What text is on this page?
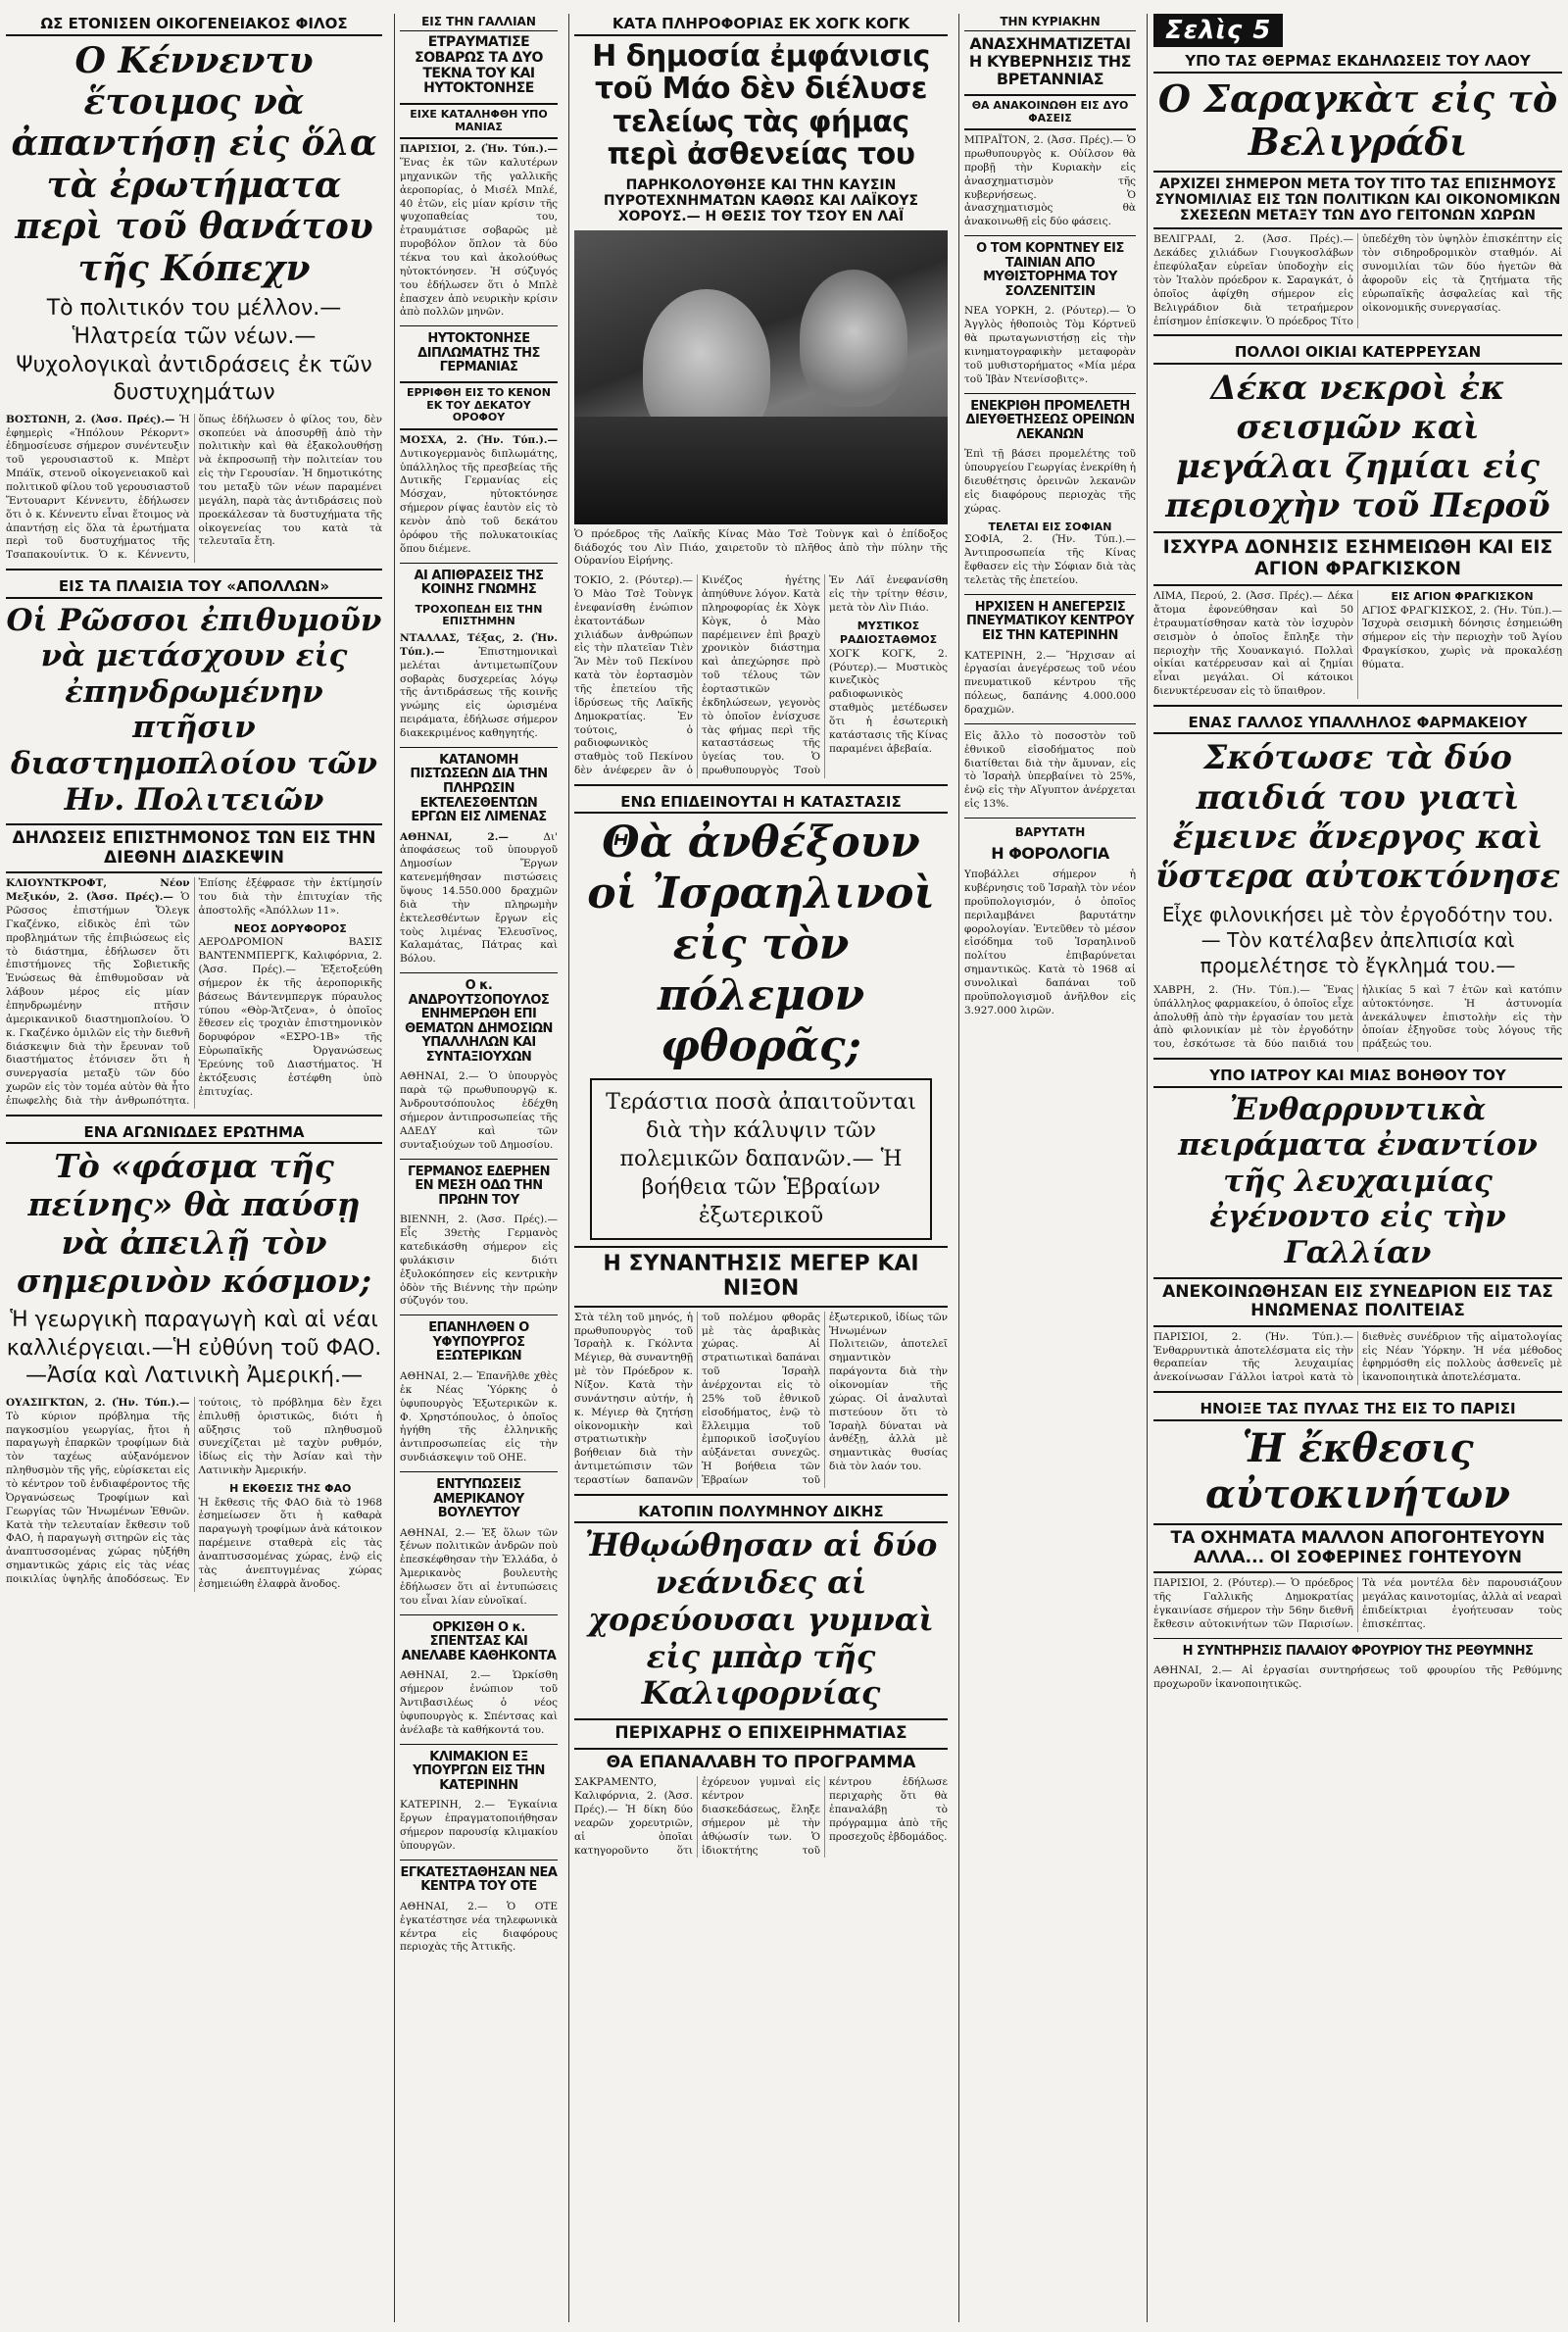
ΩΣ ΕΤΟΝΙΣΕΝ ΟΙΚΟΓΕΝΕΙΑΚΟΣ ΦΙΛΟΣ
Ο Κέννεντυ ἕτοιμος νὰ ἀπαντήσῃ εἰς ὅλα τὰ ἐρωτήματα περὶ τοῦ θανάτου τῆς Κόπεχν
Τὸ πολιτικόν του μέλλον.— Ἡλατρεία τῶν νέων.—Ψυχολογικαὶ ἀντιδράσεις ἐκ τῶν δυστυχημάτων
ΒΟΣΤΩΝΗ, 2. (Ἀσσ. Πρές).— Ἡ ἐφημερὶς «Ἡπόλουν Ρέκορντ» ἐδημοσίευσε σήμερον συνέντευξιν τοῦ γερουσιαστοῦ κ. Μπὲρτ Μπάϊκ, στενοῦ οἰκογενειακοῦ καὶ πολιτικοῦ φίλου τοῦ γερουσιαστοῦ Ἔντουαρντ Κέννεντυ, ἐδήλωσεν ὅτι ὁ κ. Κέννεντυ εἶναι ἕτοιμος νὰ ἀπαντήσῃ εἰς ὅλα τὰ ἐρωτήματα περὶ τοῦ δυστυχήματος τῆς Τσαπακουίντικ. Ὁ κ. Κέννεντυ, ὅπως ἐδήλωσεν ὁ φίλος του, δὲν σκοπεύει νὰ ἀποσυρθῇ ἀπὸ τὴν πολιτικὴν καὶ θὰ ἐξακολουθήσῃ νὰ ἐκπροσωπῇ τὴν πολιτείαν του εἰς τὴν Γερουσίαν. Ἡ δημοτικότης του μεταξὺ τῶν νέων παραμένει μεγάλη, παρὰ τὰς ἀντιδράσεις ποὺ προεκάλεσαν τὰ δυστυχήματα τῆς οἰκογενείας του κατὰ τὰ τελευταῖα ἔτη.
ΕΙΣ ΤΑ ΠΛΑΙΣΙΑ ΤΟΥ «ΑΠΟΛΛΩΝ»
Οἱ Ρῶσσοι ἐπιθυμοῦν νὰ μετάσχουν εἰς ἐπηνδρωμένην πτῆσιν διαστημοπλοίου τῶν Ην. Πολιτειῶν
ΔΗΛΩΣΕΙΣ ΕΠΙΣΤΗΜΟΝΟΣ ΤΩΝ ΕΙΣ ΤΗΝ ΔΙΕΘΝΗ ΔΙΑΣΚΕΨΙΝ
ΚΛΙΟΥΝΤΚΡΟΦΤ, Νέον Μεξικόν, 2. (Ἀσσ. Πρές).— Ὁ Ρῶσσος ἐπιστήμων Ὄλεγκ Γκαζένκο, εἰδικὸς ἐπὶ τῶν προβλημάτων τῆς ἐπιβιώσεως εἰς τὸ διάστημα, ἐδήλωσεν ὅτι ἐπιστήμονες τῆς Σοβιετικῆς Ἑνώσεως θὰ ἐπιθυμοῦσαν νὰ λάβουν μέρος εἰς μίαν ἐπηνδρωμένην πτῆσιν ἀμερικανικοῦ διαστημοπλοίου. Ὁ κ. Γκαζένκο ὁμιλῶν εἰς τὴν διεθνῆ διάσκεψιν διὰ τὴν ἔρευναν τοῦ διαστήματος ἐτόνισεν ὅτι ἡ συνεργασία μεταξὺ τῶν δύο χωρῶν εἰς τὸν τομέα αὐτὸν θὰ ἦτο ἐπωφελὴς διὰ τὴν ἀνθρωπότητα. Ἐπίσης ἐξέφρασε τὴν ἐκτίμησίν του διὰ τὴν ἐπιτυχίαν τῆς ἀποστολῆς «Ἀπόλλων 11».
ΝΕΟΣ ΔΟΡΥΦΟΡΟΣ
ΑΕΡΟΔΡΟΜΙΟΝ ΒΑΣΙΣ ΒΑΝΤΕΝΜΠΕΡΓΚ, Καλιφόρνια, 2. (Ἀσσ. Πρές).— Ἐξετοξεύθη σήμερον ἐκ τῆς ἀεροπορικῆς βάσεως Βάντενμπεργκ πύραυλος τύπου «Θὸρ-Ἄτζενα», ὁ ὁποῖος ἔθεσεν εἰς τροχιὰν ἐπιστημονικὸν δορυφόρον «ΕΣΡΟ-1Β» τῆς Εὐρωπαϊκῆς Ὀργανώσεως Ἐρεύνης τοῦ Διαστήματος. Ἡ ἐκτόξευσις ἐστέφθη ὑπὸ ἐπιτυχίας.
ΕΝΑ ΑΓΩΝΙΩΔΕΣ ΕΡΩΤΗΜΑ
Τὸ «φάσμα τῆς πείνης» θὰ παύσῃ νὰ ἀπειλῇ τὸν σημερινὸν κόσμον;
Ἡ γεωργικὴ παραγωγὴ καὶ αἱ νέαι καλλιέργειαι.—Ἡ εὐθύνη τοῦ ΦΑΟ.—Ἀσία καὶ Λατινικὴ Ἀμερική.—
ΟΥΑΣΙΓΚΤΩΝ, 2. (Ἡν. Τύπ.).— Τὸ κύριον πρόβλημα τῆς παγκοσμίου γεωργίας, ἤτοι ἡ παραγωγὴ ἐπαρκῶν τροφίμων διὰ τὸν ταχέως αὐξανόμενον πληθυσμὸν τῆς γῆς, εὑρίσκεται εἰς τὸ κέντρον τοῦ ἐνδιαφέροντος τῆς Ὀργανώσεως Τροφίμων καὶ Γεωργίας τῶν Ἡνωμένων Ἐθνῶν. Κατὰ τὴν τελευταίαν ἔκθεσιν τοῦ ΦΑΟ, ἡ παραγωγὴ σιτηρῶν εἰς τὰς ἀναπτυσσομένας χώρας ηὐξήθη σημαντικῶς χάρις εἰς τὰς νέας ποικιλίας ὑψηλῆς ἀποδόσεως. Ἐν τούτοις, τὸ πρόβλημα δὲν ἔχει ἐπιλυθῇ ὁριστικῶς, διότι ἡ αὔξησις τοῦ πληθυσμοῦ συνεχίζεται μὲ ταχὺν ρυθμόν, ἰδίως εἰς τὴν Ἀσίαν καὶ τὴν Λατινικὴν Ἀμερικήν.
Η ΕΚΘΕΣΙΣ ΤΗΣ ΦΑΟ
Ἡ ἔκθεσις τῆς ΦΑΟ διὰ τὸ 1968 ἐσημείωσεν ὅτι ἡ καθαρὰ παραγωγὴ τροφίμων ἀνὰ κάτοικον παρέμεινε σταθερὰ εἰς τὰς ἀναπτυσσομένας χώρας, ἐνῷ εἰς τὰς ἀνεπτυγμένας χώρας ἐσημειώθη ἐλαφρὰ ἄνοδος.
ΕΙΣ ΤΗΝ ΓΑΛΛΙΑΝ
ΕΤΡΑΥΜΑΤΙΣΕ ΣΟΒΑΡΩΣ ΤΑ ΔΥΟ ΤΕΚΝΑ ΤΟΥ ΚΑΙ ΗΥΤΟΚΤΟΝΗΣΕ
ΕΙΧΕ ΚΑΤΑΛΗΦΘΗ ΥΠΟ ΜΑΝΙΑΣ
ΠΑΡΙΣΙΟΙ, 2. (Ἡν. Τύπ.).— Ἕνας ἐκ τῶν καλυτέρων μηχανικῶν τῆς γαλλικῆς ἀεροπορίας, ὁ Μισέλ Μπλέ, 40 ἐτῶν, εἰς μίαν κρίσιν τῆς ψυχοπαθείας του, ἐτραυμάτισε σοβαρῶς μὲ πυροβόλον ὅπλον τὰ δύο τέκνα του καὶ ἀκολούθως ηὐτοκτόνησεν. Ἡ σύζυγός του ἐδήλωσεν ὅτι ὁ Μπλὲ ἐπασχεν ἀπὸ νευρικὴν κρίσιν ἀπὸ πολλῶν μηνῶν.
ΗΥΤΟΚΤΟΝΗΣΕ ΔΙΠΛΩΜΑΤΗΣ ΤΗΣ ΓΕΡΜΑΝΙΑΣ
ΕΡΡΙΦΘΗ ΕΙΣ ΤΟ ΚΕΝΟΝ ΕΚ ΤΟΥ ΔΕΚΑΤΟΥ ΟΡΟΦΟΥ
ΜΟΣΧΑ, 2. (Ἡν. Τύπ.).— Δυτικογερμανὸς διπλωμάτης, ὑπάλληλος τῆς πρεσβείας τῆς Δυτικῆς Γερμανίας εἰς Μόσχαν, ηὐτοκτόνησε σήμερον ρίψας ἑαυτὸν εἰς τὸ κενὸν ἀπὸ τοῦ δεκάτου ὀρόφου τῆς πολυκατοικίας ὅπου διέμενε.
ΑΙ ΑΠΙΘΡΑΣΕΙΣ ΤΗΣ ΚΟΙΝΗΣ ΓΝΩΜΗΣ
ΤΡΟΧΟΠΕΔΗ ΕΙΣ ΤΗΝ ΕΠΙΣΤΗΜΗΝ
ΝΤΑΛΛΑΣ, Τέξας, 2. (Ἡν. Τύπ.).—	Ἐπιστημονικαὶ μελέται ἀντιμετωπίζουν σοβαρὰς δυσχερείας λόγῳ τῆς ἀντιδράσεως τῆς κοινῆς γνώμης εἰς ὡρισμένα πειράματα, ἐδήλωσε σήμερον διακεκριμένος καθηγητής.
ΚΑΤΑΝΟΜΗ ΠΙΣΤΩΣΕΩΝ ΔΙΑ ΤΗΝ ΠΛΗΡΩΣΙΝ ΕΚΤΕΛΕΣΘΕΝΤΩΝ ΕΡΓΩΝ ΕΙΣ ΛΙΜΕΝΑΣ
ΑΘΗΝΑΙ, 2.—	Δι' ἀποφάσεως τοῦ ὑπουργοῦ Δημοσίων Ἔργων κατενεμήθησαν πιστώσεις ὕψους 14.550.000 δραχμῶν διὰ τὴν πληρωμὴν ἐκτελεσθέντων ἔργων εἰς τοὺς λιμένας Ἑλευσῖνος, Καλαμάτας, Πάτρας καὶ Βόλου.
Ο κ. ΑΝΔΡΟΥΤΣΟΠΟΥΛΟΣ ΕΝΗΜΕΡΩΘΗ ΕΠΙ ΘΕΜΑΤΩΝ ΔΗΜΟΣΙΩΝ ΥΠΑΛΛΗΛΩΝ ΚΑΙ ΣΥΝΤΑΞΙΟΥΧΩΝ
ΑΘΗΝΑΙ, 2.— Ὁ ὑπουργὸς παρὰ τῷ πρωθυπουργῷ κ. Ἀνδρουτσόπουλος ἐδέχθη σήμερον ἀντιπροσωπείας τῆς ΑΔΕΔΥ καὶ τῶν συνταξιούχων τοῦ Δημοσίου.
ΓΕΡΜΑΝΟΣ ΕΔΕΡΗΕΝ ΕΝ ΜΕΣΗ ΟΔΩ ΤΗΝ ΠΡΩΗΝ ΤΟΥ
ΒΙΕΝΝΗ, 2. (Ἀσσ. Πρές).— Εἷς 39ετὴς Γερμανὸς κατεδικάσθη σήμερον εἰς φυλάκισιν διότι ἐξυλοκόπησεν εἰς κεντρικὴν ὁδὸν τῆς Βιέννης τὴν πρώην σύζυγόν του.
ΕΠΑΝΗΛΘΕΝ Ο ΥΦΥΠΟΥΡΓΟΣ ΕΞΩΤΕΡΙΚΩΝ
ΑΘΗΝΑΙ, 2.— Ἐπανῆλθε χθὲς ἐκ Νέας Ὑόρκης ὁ ὑφυπουργὸς Ἐξωτερικῶν κ. Φ. Χρηστόπουλος, ὁ ὁποῖος ἡγήθη τῆς ἑλληνικῆς ἀντιπροσωπείας εἰς τὴν συνδιάσκεψιν τοῦ ΟΗΕ.
ΕΝΤΥΠΩΣΕΙΣ ΑΜΕΡΙΚΑΝΟΥ ΒΟΥΛΕΥΤΟΥ
ΑΘΗΝΑΙ, 2.— Ἐξ ὅλων τῶν ξένων πολιτικῶν ἀνδρῶν ποὺ ἐπεσκέφθησαν τὴν Ἑλλάδα, ὁ Ἀμερικανὸς βουλευτὴς ἐδήλωσεν ὅτι αἱ ἐντυπώσεις του εἶναι λίαν εὐνοϊκαί.
ΟΡΚΙΣΘΗ Ο κ. ΣΠΕΝΤΣΑΣ ΚΑΙ ΑΝΕΛΑΒΕ ΚΑΘΗΚΟΝΤΑ
ΑΘΗΝΑΙ, 2.— Ὡρκίσθη σήμερον ἐνώπιον τοῦ Ἀντιβασιλέως ὁ νέος ὑφυπουργὸς κ. Σπέντσας καὶ ἀνέλαβε τὰ καθήκοντά του.
ΚΛΙΜΑΚΙΟΝ ΕΞ ΥΠΟΥΡΓΩΝ ΕΙΣ ΤΗΝ ΚΑΤΕΡΙΝΗΝ
ΚΑΤΕΡΙΝΗ, 2.— Ἐγκαίνια ἔργων ἐπραγματοποιήθησαν σήμερον παρουσίᾳ κλιμακίου ὑπουργῶν.
ΕΓΚΑΤΕΣΤΑΘΗΣΑΝ ΝΕΑ ΚΕΝΤΡΑ ΤΟΥ ΟΤΕ
ΑΘΗΝΑΙ, 2.— Ὁ ΟΤΕ ἐγκατέστησε νέα τηλεφωνικὰ κέντρα εἰς διαφόρους περιοχὰς τῆς Ἀττικῆς.
ΚΑΤΑ ΠΛΗΡΟΦΟΡΙΑΣ ΕΚ ΧΟΓΚ ΚΟΓΚ
Η δημοσία ἐμφάνισις τοῦ Μάο δὲν διέλυσε τελείως τὰς φήμας περὶ ἀσθενείας του
ΠΑΡΗΚΟΛΟΥΘΗΣΕ ΚΑΙ ΤΗΝ ΚΑΥΣΙΝ ΠΥΡΟΤΕΧΝΗΜΑΤΩΝ ΚΑΘΩΣ ΚΑΙ ΛΑΪΚΟΥΣ ΧΟΡΟΥΣ.— Η ΘΕΣΙΣ ΤΟΥ ΤΣΟΥ ΕΝ ΛΑΪ
Ὁ πρόεδρος τῆς Λαϊκῆς Κίνας Μὰο Τσὲ Τοὺνγκ καὶ ὁ ἐπίδοξος διάδοχός του Λὶν Πιάο, χαιρετοῦν τὸ πλῆθος ἀπὸ τὴν πύλην τῆς Οὐρανίου Εἰρήνης.
ΤΟΚΙΟ, 2. (Ρόυτερ).— Ὁ Μὰο Τσὲ Τοὺνγκ ἐνεφανίσθη ἐνώπιον ἑκατοντάδων χιλιάδων ἀνθρώπων εἰς τὴν πλατεῖαν Τιὲν Ἂν Μὲν τοῦ Πεκίνου κατὰ τὸν ἑορτασμὸν τῆς ἐπετείου τῆς ἱδρύσεως τῆς Λαϊκῆς Δημοκρατίας. Ἐν τούτοις, ὁ ραδιοφωνικὸς σταθμὸς τοῦ Πεκίνου δὲν ἀνέφερεν ἂν ὁ Κινέζος ἡγέτης ἀπηύθυνε λόγον. Κατὰ πληροφορίας ἐκ Χὸγκ Κὸγκ, ὁ Μὰο παρέμεινεν ἐπὶ βραχὺ χρονικὸν διάστημα καὶ ἀπεχώρησε πρὸ τοῦ τέλους τῶν ἑορταστικῶν ἐκδηλώσεων, γεγονὸς τὸ ὁποῖον ἐνίσχυσε τὰς φήμας περὶ τῆς καταστάσεως τῆς ὑγείας του. Ὁ πρωθυπουργὸς Τσοὺ Ἐν Λάϊ ἐνεφανίσθη εἰς τὴν τρίτην θέσιν, μετὰ τὸν Λὶν Πιάο.
ΜΥΣΤΙΚΟΣ ΡΑΔΙΟΣΤΑΘΜΟΣ
ΧΟΓΚ ΚΟΓΚ, 2. (Ρόυτερ).— Μυστικὸς κινεζικὸς ραδιοφωνικὸς σταθμὸς μετέδωσεν ὅτι ἡ ἐσωτερικὴ κατάστασις τῆς Κίνας παραμένει ἀβεβαία.
ΕΝΩ ΕΠΙΔΕΙΝΟΥΤΑΙ Η ΚΑΤΑΣΤΑΣΙΣ
Θὰ ἀνθέξουν οἱ Ἰσραηλινοὶ εἰς τὸν πόλεμον φθορᾶς;
Τεράστια ποσὰ ἀπαιτοῦνται διὰ τὴν κάλυψιν τῶν πολεμικῶν δαπανῶν.— Ἡ βοήθεια τῶν Ἑβραίων ἐξωτερικοῦ
Η ΣΥΝΑΝΤΗΣΙΣ ΜΕΓΕΡ ΚΑΙ ΝΙΞΟΝ
Στὰ τέλη τοῦ μηνός, ἡ πρωθυπουργὸς τοῦ Ἰσραὴλ κ. Γκόλντα Μέγιερ, θὰ συναντηθῇ μὲ τὸν Πρόεδρον κ. Νίξον. Κατὰ τὴν συνάντησιν αὐτήν, ἡ κ. Μέγιερ θὰ ζητήσῃ οἰκονομικὴν καὶ στρατιωτικὴν βοήθειαν διὰ τὴν ἀντιμετώπισιν τῶν τεραστίων δαπανῶν τοῦ πολέμου φθορᾶς μὲ τὰς ἀραβικὰς χώρας. Αἱ στρατιωτικαὶ δαπάναι τοῦ Ἰσραὴλ ἀνέρχονται εἰς τὸ 25% τοῦ ἐθνικοῦ εἰσοδήματος, ἐνῷ τὸ ἔλλειμμα τοῦ ἐμπορικοῦ ἰσοζυγίου αὐξάνεται συνεχῶς. Ἡ βοήθεια τῶν Ἑβραίων τοῦ ἐξωτερικοῦ, ἰδίως τῶν Ἡνωμένων Πολιτειῶν, ἀποτελεῖ σημαντικὸν παράγοντα διὰ τὴν οἰκονομίαν τῆς χώρας. Οἱ ἀναλυταὶ πιστεύουν ὅτι τὸ Ἰσραὴλ δύναται νὰ ἀνθέξῃ, ἀλλὰ μὲ σημαντικὰς θυσίας διὰ τὸν λαόν του.
ΚΑΤΟΠΙΝ ΠΟΛΥΜΗΝΟΥ ΔΙΚΗΣ
Ἠθῳώθησαν αἱ δύο νεάνιδες αἱ χορεύουσαι γυμναὶ εἰς μπὰρ τῆς Καλιφορνίας
ΠΕΡΙΧΑΡΗΣ Ο ΕΠΙΧΕΙΡΗΜΑΤΙΑΣ
ΘΑ ΕΠΑΝΑΛΑΒΗ ΤΟ ΠΡΟΓΡΑΜΜΑ
ΣΑΚΡΑΜΕΝΤΟ, Καλιφόρνια, 2. (Ἀσσ. Πρές).— Ἡ δίκη δύο νεαρῶν χορευτριῶν, αἱ ὁποῖαι κατηγοροῦντο ὅτι ἐχόρευον γυμναὶ εἰς κέντρον διασκεδάσεως, ἔληξε σήμερον μὲ τὴν ἀθῴωσίν των. Ὁ ἰδιοκτήτης τοῦ κέντρου ἐδήλωσε περιχαρὴς ὅτι θὰ ἐπαναλάβῃ τὸ πρόγραμμα ἀπὸ τῆς προσεχοῦς ἑβδομάδος.
ΤΗΝ ΚΥΡΙΑΚΗΝ
ΑΝΑΣΧΗΜΑΤΙΖΕΤΑΙ Η ΚΥΒΕΡΝΗΣΙΣ ΤΗΣ ΒΡΕΤΑΝΝΙΑΣ
ΘΑ ΑΝΑΚΟΙΝΩΘΗ ΕΙΣ ΔΥΟ ΦΑΣΕΙΣ
ΜΠΡΑΪΤΟΝ, 2. (Ἀσσ. Πρές).— Ὁ πρωθυπουργὸς κ. Οὐίλσον θὰ προβῇ τὴν Κυριακὴν εἰς ἀνασχηματισμὸν τῆς κυβερνήσεως. Ὁ ἀνασχηματισμὸς θὰ ἀνακοινωθῇ εἰς δύο φάσεις.
Ο ΤΟΜ ΚΟΡΝΤΝΕΥ ΕΙΣ ΤΑΙΝΙΑΝ ΑΠΟ ΜΥΘΙΣΤΟΡΗΜΑ ΤΟΥ ΣΟΛΖΕΝΙΤΣΙΝ
ΝΕΑ ΥΟΡΚΗ, 2. (Ρόυτερ).— Ὁ Ἀγγλὸς ἠθοποιὸς Τὸμ Κόρτνεϋ θὰ πρωταγωνιστήσῃ εἰς τὴν κινηματογραφικὴν μεταφορὰν τοῦ μυθιστορήματος «Μία μέρα τοῦ Ἰβὰν Ντενίσοβιτς».
ΕΝΕΚΡΙΘΗ ΠΡΟΜΕΛΕΤΗ ΔΙΕΥΘΕΤΗΣΕΩΣ ΟΡΕΙΝΩΝ ΛΕΚΑΝΩΝ
Ἐπὶ τῇ βάσει προμελέτης τοῦ ὑπουργείου Γεωργίας ἐνεκρίθη ἡ διευθέτησις ὀρεινῶν λεκανῶν εἰς διαφόρους περιοχὰς τῆς χώρας.
ΤΕΛΕΤΑΙ ΕΙΣ ΣΟΦΙΑΝ
ΣΟΦΙΑ, 2. (Ἡν. Τύπ.).— Ἀντιπροσωπεία τῆς Κίνας ἔφθασεν εἰς τὴν Σόφιαν διὰ τὰς τελετὰς τῆς ἐπετείου.
ΗΡΧΙΣΕΝ Η ΑΝΕΓΕΡΣΙΣ ΠΝΕΥΜΑΤΙΚΟΥ ΚΕΝΤΡΟΥ ΕΙΣ ΤΗΝ ΚΑΤΕΡΙΝΗΝ
ΚΑΤΕΡΙΝΗ, 2.— Ἤρχισαν αἱ ἐργασίαι ἀνεγέρσεως τοῦ νέου πνευματικοῦ κέντρου τῆς πόλεως, δαπάνης 4.000.000 δραχμῶν.
Εἰς ἄλλο τὸ ποσοστὸν τοῦ ἐθνικοῦ εἰσοδήματος ποὺ διατίθεται διὰ τὴν ἄμυναν, εἰς τὸ Ἰσραὴλ ὑπερβαίνει τὸ 25%, ἐνῷ εἰς τὴν Αἴγυπτον ἀνέρχεται εἰς 13%.
ΒΑΡΥΤΑΤΗ
Η ΦΟΡΟΛΟΓΙΑ
Υποβάλλει σήμερον ἡ κυβέρνησις τοῦ Ἰσραὴλ τὸν νέον προϋπολογισμόν, ὁ ὁποῖος περιλαμβάνει βαρυτάτην φορολογίαν. Ἐντεῦθεν τὸ μέσον εἰσόδημα τοῦ Ἰσραηλινοῦ πολίτου ἐπιβαρύνεται σημαντικῶς. Κατὰ τὸ 1968 αἱ συνολικαὶ δαπάναι τοῦ προϋπολογισμοῦ ἀνῆλθον εἰς 3.927.000 λιρῶν.
Σελὶς 5
ΥΠΟ ΤΑΣ ΘΕΡΜΑΣ ΕΚΔΗΛΩΣΕΙΣ ΤΟΥ ΛΑΟΥ
Ο Σαραγκὰτ εἰς τὸ Βελιγράδι
ΑΡΧΙΖΕΙ ΣΗΜΕΡΟΝ ΜΕΤΑ ΤΟΥ ΤΙΤΟ ΤΑΣ ΕΠΙΣΗΜΟΥΣ ΣΥΝΟΜΙΛΙΑΣ ΕΙΣ ΤΩΝ ΠΟΛΙΤΙΚΩΝ ΚΑΙ ΟΙΚΟΝΟΜΙΚΩΝ ΣΧΕΣΕΩΝ ΜΕΤΑΞΥ ΤΩΝ ΔΥΟ ΓΕΙΤΟΝΩΝ ΧΩΡΩΝ
ΒΕΛΙΓΡΑΔΙ, 2. (Ἀσσ. Πρές).— Δεκάδες χιλιάδων Γιουγκοσλάβων ἐπεφύλαξαν εὐρεῖαν ὑποδοχὴν εἰς τὸν Ἰταλὸν πρόεδρον κ. Σαραγκάτ, ὁ ὁποῖος ἀφίχθη σήμερον εἰς Βελιγράδιον διὰ τετραήμερον ἐπίσημον ἐπίσκεψιν. Ὁ πρόεδρος Τίτο ὑπεδέχθη τὸν ὑψηλὸν ἐπισκέπτην εἰς τὸν σιδηροδρομικὸν σταθμόν. Αἱ συνομιλίαι τῶν δύο ἡγετῶν θὰ ἀφοροῦν εἰς τὰ ζητήματα τῆς εὐρωπαϊκῆς ἀσφαλείας καὶ τῆς οἰκονομικῆς συνεργασίας.
ΠΟΛΛΟΙ ΟΙΚΙΑΙ ΚΑΤΕΡΡΕΥΣΑΝ
Δέκα νεκροὶ ἐκ σεισμῶν καὶ μεγάλαι ζημίαι εἰς περιοχὴν τοῦ Περοῦ
ΙΣΧΥΡΑ ΔΟΝΗΣΙΣ ΕΣΗΜΕΙΩΘΗ ΚΑΙ ΕΙΣ ΑΓΙΟΝ ΦΡΑΓΚΙΣΚΟΝ
ΛΙΜΑ, Περού, 2. (Ἀσσ. Πρές).— Δέκα ἄτομα ἐφονεύθησαν καὶ 50 ἐτραυματίσθησαν κατὰ τὸν ἰσχυρὸν σεισμὸν ὁ ὁποῖος ἔπληξε τὴν περιοχὴν τῆς Χουανκαγιό. Πολλαὶ οἰκίαι κατέρρευσαν καὶ αἱ ζημίαι εἶναι μεγάλαι. Οἱ κάτοικοι διενυκτέρευσαν εἰς τὸ ὕπαιθρον.
ΕΙΣ ΑΓΙΟΝ ΦΡΑΓΚΙΣΚΟΝ
ΑΓΙΟΣ ΦΡΑΓΚΙΣΚΟΣ, 2. (Ἡν. Τύπ.).— Ἰσχυρὰ σεισμικὴ δόνησις ἐσημειώθη σήμερον εἰς τὴν περιοχὴν τοῦ Ἁγίου Φραγκίσκου, χωρὶς νὰ προκαλέσῃ θύματα.
ΕΝΑΣ ΓΑΛΛΟΣ ΥΠΑΛΛΗΛΟΣ ΦΑΡΜΑΚΕΙΟΥ
Σκότωσε τὰ δύο παιδιά του γιατὶ ἔμεινε ἄνεργος καὶ ὕστερα αὐτοκτόνησε
Εἶχε φιλονικήσει μὲ τὸν ἐργοδότην του.— Τὸν κατέλαβεν ἀπελπισία καὶ προμελέτησε τὸ ἔγκλημά του.—
ΧΑΒΡΗ, 2. (Ἡν. Τύπ.).— Ἕνας ὑπάλληλος φαρμακείου, ὁ ὁποῖος εἶχε ἀπολυθῇ ἀπὸ τὴν ἐργασίαν του μετὰ ἀπὸ φιλονικίαν μὲ τὸν ἐργοδότην του, ἐσκότωσε τὰ δύο παιδιά του ἡλικίας 5 καὶ 7 ἐτῶν καὶ κατόπιν αὐτοκτόνησε. Ἡ ἀστυνομία ἀνεκάλυψεν ἐπιστολὴν εἰς τὴν ὁποίαν ἐξηγοῦσε τοὺς λόγους τῆς πράξεώς του.
ΥΠΟ ΙΑΤΡΟΥ ΚΑΙ ΜΙΑΣ ΒΟΗΘΟΥ ΤΟΥ
Ἐνθαρρυντικὰ πειράματα ἐναντίον τῆς λευχαιμίας ἐγένοντο εἰς τὴν Γαλλίαν
ΑΝΕΚΟΙΝΩΘΗΣΑΝ ΕΙΣ ΣΥΝΕΔΡΙΟΝ ΕΙΣ ΤΑΣ ΗΝΩΜΕΝΑΣ ΠΟΛΙΤΕΙΑΣ
ΠΑΡΙΣΙΟΙ, 2. (Ἡν. Τύπ.).— Ἐνθαρρυντικὰ ἀποτελέσματα εἰς τὴν θεραπείαν τῆς λευχαιμίας ἀνεκοίνωσαν Γάλλοι ἰατροὶ κατὰ τὸ διεθνὲς συνέδριον τῆς αἱματολογίας εἰς Νέαν Ὑόρκην. Ἡ νέα μέθοδος ἐφηρμόσθη εἰς πολλοὺς ἀσθενεῖς μὲ ἱκανοποιητικὰ ἀποτελέσματα.
ΗΝΟΙΞΕ ΤΑΣ ΠΥΛΑΣ ΤΗΣ ΕΙΣ ΤΟ ΠΑΡΙΣΙ
Ἡ ἔκθεσις αὐτοκινήτων
ΤΑ ΟΧΗΜΑΤΑ ΜΑΛΛΟΝ ΑΠΟΓΟΗΤΕΥΟΥΝ ΑΛΛΑ... ΟΙ ΣΟΦΕΡΙΝΕΣ ΓΟΗΤΕΥΟΥΝ
ΠΑΡΙΣΙΟΙ, 2. (Ρόυτερ).— Ὁ πρόεδρος τῆς Γαλλικῆς Δημοκρατίας ἐγκαινίασε σήμερον τὴν 56ην διεθνῆ ἔκθεσιν αὐτοκινήτων τῶν Παρισίων. Τὰ νέα μοντέλα δὲν παρουσιάζουν μεγάλας καινοτομίας, ἀλλὰ αἱ νεαραὶ ἐπιδείκτριαι ἐγοήτευσαν τοὺς ἐπισκέπτας.
Η ΣΥΝΤΗΡΗΣΙΣ ΠΑΛΑΙΟΥ ΦΡΟΥΡΙΟΥ ΤΗΣ ΡΕΘΥΜΝΗΣ
ΑΘΗΝΑΙ, 2.— Αἱ ἐργασίαι συντηρήσεως τοῦ φρουρίου τῆς Ρεθύμνης προχωροῦν ἱκανοποιητικῶς.
